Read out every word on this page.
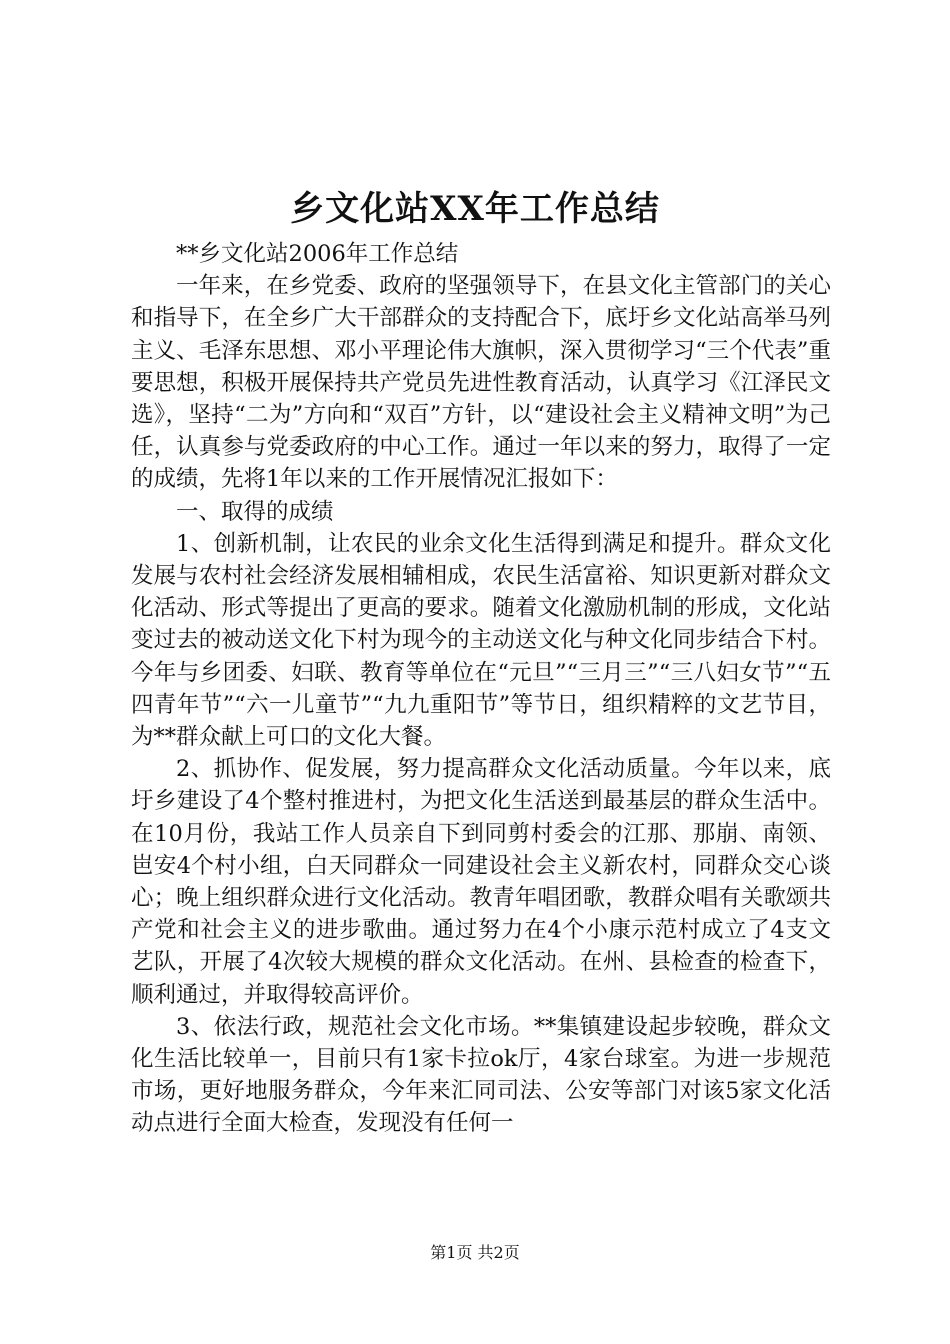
乡文化站XX年工作总结

**乡文化站2006年工作总结

一年来，在乡党委、政府的坚强领导下，在县文化主管部门的关心和指导下，在全乡广大干部群众的支持配合下，底圩乡文化站高举马列主义、毛泽东思想、邓小平理论伟大旗帜，深入贯彻学习“三个代表”重要思想，积极开展保持共产党员先进性教育活动，认真学习《江泽民文选》，坚持“二为”方向和“双百”方针，以“建设社会主义精神文明”为己任，认真参与党委政府的中心工作。通过一年以来的努力，取得了一定的成绩，先将1年以来的工作开展情况汇报如下：

一、取得的成绩

1、创新机制，让农民的业余文化生活得到满足和提升。群众文化发展与农村社会经济发展相辅相成，农民生活富裕、知识更新对群众文化活动、形式等提出了更高的要求。随着文化激励机制的形成，文化站变过去的被动送文化下村为现今的主动送文化与种文化同步结合下村。今年与乡团委、妇联、教育等单位在“元旦”“三月三”“三八妇女节”“五四青年节”“六一儿童节”“九九重阳节”等节日，组织精粹的文艺节目，为**群众献上可口的文化大餐。

2、抓协作、促发展，努力提高群众文化活动质量。今年以来，底圩乡建设了4个整村推进村，为把文化生活送到最基层的群众生活中。在10月份，我站工作人员亲自下到同剪村委会的江那、那崩、南领、岜安4个村小组，白天同群众一同建设社会主义新农村，同群众交心谈心；晚上组织群众进行文化活动。教青年唱团歌，教群众唱有关歌颂共产党和社会主义的进步歌曲。通过努力在4个小康示范村成立了4支文艺队，开展了4次较大规模的群众文化活动。在州、县检查的检查下，顺利通过，并取得较高评价。

3、依法行政，规范社会文化市场。**集镇建设起步较晚，群众文化生活比较单一，目前只有1家卡拉ok厅，4家台球室。为进一步规范市场，更好地服务群众，今年来汇同司法、公安等部门对该5家文化活动点进行全面大检查，发现没有任何一

第1页 共2页
